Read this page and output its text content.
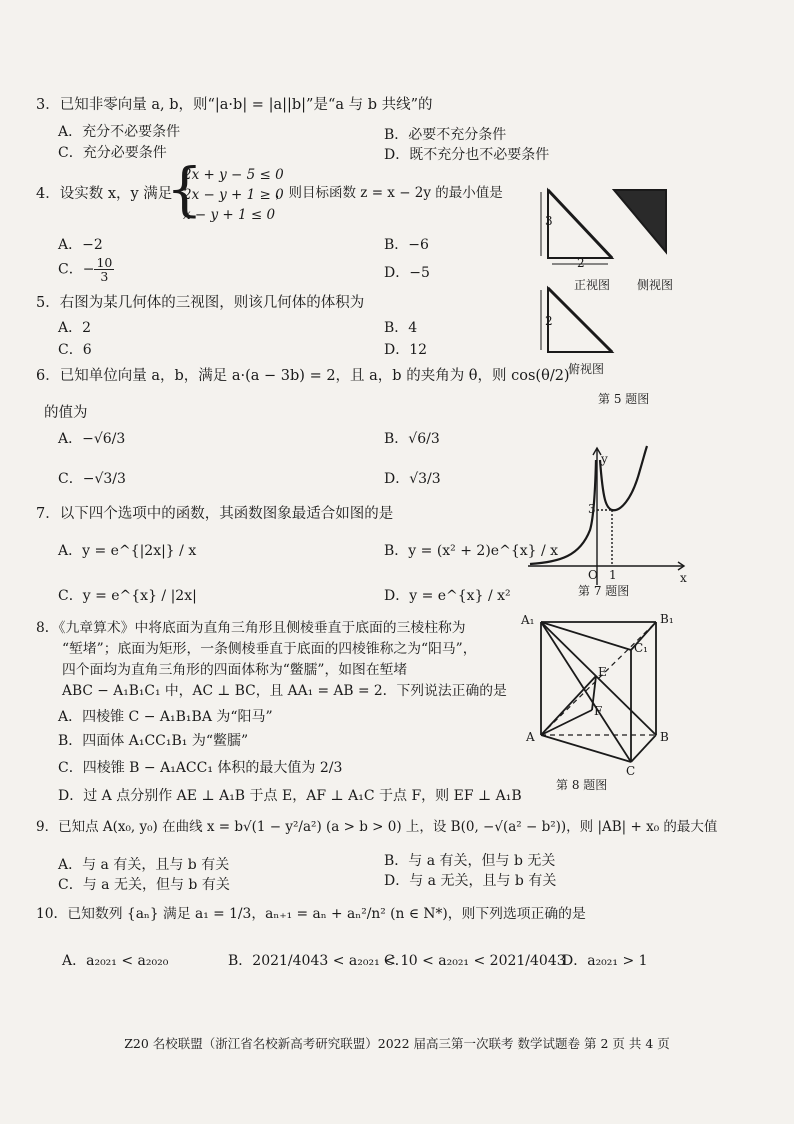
3．已知非零向量 a, b，则“|a·b| = |a||b|”是“a 与 b 共线”的
A．充分不必要条件	B．必要不充分条件
C．充分必要条件	D．既不充分也不必要条件
4．设实数 x，y 满足
{
2x + y − 5 ≤ 0
2x − y + 1 ≥ 0
x − y + 1 ≤ 0
，则目标函数 z = x − 2y 的最小值是
A．−2	B．−6
C．− $\frac{10}{3}$	D．−5
3
2
2
正视图 侧视图
俯视图
第 5 题图
5．右图为某几何体的三视图，则该几何体的体积为
A．2	B．4
C．6	D．12
6．已知单位向量 a，b，满足 a·(a − 3b) = 2，且 a，b 的夹角为 θ，则 cos(θ/2)
的值为
A．−√6/3	B．√6/3
C．−√3/3	D．√3/3
y
3
O 1	x
第 7 题图
7．以下四个选项中的函数，其函数图象最适合如图的是
A．y = e^{|2x|} / x	B．y = (x² + 2)e^{x} / x
C．y = e^{x} / |2x|	D．y = e^{x} / x²
A₁	B₁
C₁
E
F
A	B
C
第 8 题图
8．《九章算术》中将底面为直角三角形且侧棱垂直于底面的三棱柱称为
“堑堵”；底面为矩形，一条侧棱垂直于底面的四棱锥称之为“阳马”，
四个面均为直角三角形的四面体称为“鳖臑”，如图在堑堵
ABC − A₁B₁C₁ 中，AC ⊥ BC，且 AA₁ = AB = 2．下列说法正确的是
A．四棱锥 C − A₁B₁BA 为“阳马”
B．四面体 A₁CC₁B₁ 为“鳖臑”
C．四棱锥 B − A₁ACC₁ 体积的最大值为 2/3
D．过 A 点分别作 AE ⊥ A₁B 于点 E，AF ⊥ A₁C 于点 F，则 EF ⊥ A₁B
9．已知点 A(x₀, y₀) 在曲线 x = b√(1 − y²/a²) (a > b > 0) 上，设 B(0, −√(a² − b²))，则 |AB| + x₀ 的最大值
A．与 a 有关，且与 b 有关	B．与 a 有关，但与 b 无关
C．与 a 无关，但与 b 有关	D．与 a 无关，且与 b 有关
10．已知数列 {aₙ} 满足 a₁ = 1/3，aₙ₊₁ = aₙ + aₙ²/n² (n ∈ N*)，则下列选项正确的是
A．a₂₀₂₁ < a₂₀₂₀	B．2021/4043 < a₂₀₂₁ < 1
C．0 < a₂₀₂₁ < 2021/4043
D．a₂₀₂₁ > 1
Z20 名校联盟（浙江省名校新高考研究联盟）2022 届高三第一次联考 数学试题卷 第 2 页 共 4 页
